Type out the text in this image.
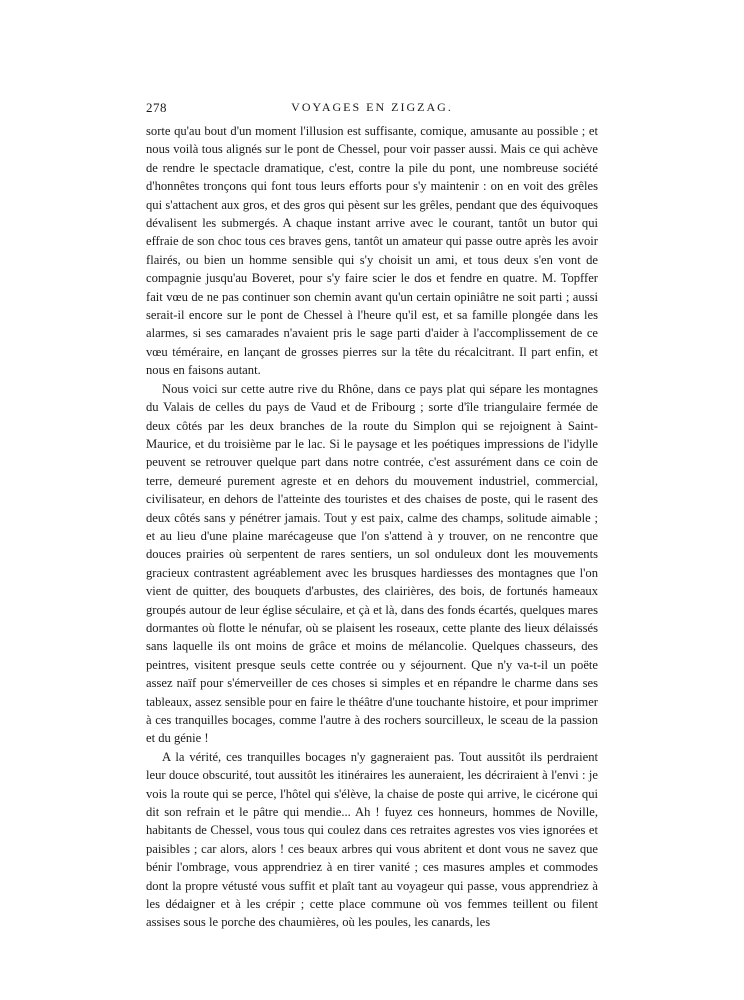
278	VOYAGES EN ZIGZAG.

sorte qu'au bout d'un moment l'illusion est suffisante, comique, amusante au possible ; et nous voilà tous alignés sur le pont de Chessel, pour voir passer aussi. Mais ce qui achève de rendre le spectacle dramatique, c'est, contre la pile du pont, une nombreuse société d'honnêtes tronçons qui font tous leurs efforts pour s'y maintenir : on en voit des grêles qui s'attachent aux gros, et des gros qui pèsent sur les grêles, pendant que des équivoques dévalisent les submergés. A chaque instant arrive avec le courant, tantôt un butor qui effraie de son choc tous ces braves gens, tantôt un amateur qui passe outre après les avoir flairés, ou bien un homme sensible qui s'y choisit un ami, et tous deux s'en vont de compagnie jusqu'au Boveret, pour s'y faire scier le dos et fendre en quatre. M. Topffer fait vœu de ne pas continuer son chemin avant qu'un certain opiniâtre ne soit parti ; aussi serait-il encore sur le pont de Chessel à l'heure qu'il est, et sa famille plongée dans les alarmes, si ses camarades n'avaient pris le sage parti d'aider à l'accomplissement de ce vœu téméraire, en lançant de grosses pierres sur la tête du récalcitrant. Il part enfin, et nous en faisons autant.

Nous voici sur cette autre rive du Rhône, dans ce pays plat qui sépare les montagnes du Valais de celles du pays de Vaud et de Fribourg ; sorte d'île triangulaire fermée de deux côtés par les deux branches de la route du Simplon qui se rejoignent à Saint-Maurice, et du troisième par le lac. Si le paysage et les poétiques impressions de l'idylle peuvent se retrouver quelque part dans notre contrée, c'est assurément dans ce coin de terre, demeuré purement agreste et en dehors du mouvement industriel, commercial, civilisateur, en dehors de l'atteinte des touristes et des chaises de poste, qui le rasent des deux côtés sans y pénétrer jamais. Tout y est paix, calme des champs, solitude aimable ; et au lieu d'une plaine marécageuse que l'on s'attend à y trouver, on ne rencontre que douces prairies où serpentent de rares sentiers, un sol onduleux dont les mouvements gracieux contrastent agréablement avec les brusques hardiesses des montagnes que l'on vient de quitter, des bouquets d'arbustes, des clairières, des bois, de fortunés hameaux groupés autour de leur église séculaire, et çà et là, dans des fonds écartés, quelques mares dormantes où flotte le nénufar, où se plaisent les roseaux, cette plante des lieux délaissés sans laquelle ils ont moins de grâce et moins de mélancolie. Quelques chasseurs, des peintres, visitent presque seuls cette contrée ou y séjournent. Que n'y va-t-il un poëte assez naïf pour s'émerveiller de ces choses si simples et en répandre le charme dans ses tableaux, assez sensible pour en faire le théâtre d'une touchante histoire, et pour imprimer à ces tranquilles bocages, comme l'autre à des rochers sourcilleux, le sceau de la passion et du génie !

A la vérité, ces tranquilles bocages n'y gagneraient pas. Tout aussitôt ils perdraient leur douce obscurité, tout aussitôt les itinéraires les auneraient, les décriraient à l'envi : je vois la route qui se perce, l'hôtel qui s'élève, la chaise de poste qui arrive, le cicérone qui dit son refrain et le pâtre qui mendie... Ah ! fuyez ces honneurs, hommes de Noville, habitants de Chessel, vous tous qui coulez dans ces retraites agrestes vos vies ignorées et paisibles ; car alors, alors ! ces beaux arbres qui vous abritent et dont vous ne savez que bénir l'ombrage, vous apprendriez à en tirer vanité ; ces masures amples et commodes dont la propre vétusté vous suffit et plaît tant au voyageur qui passe, vous apprendriez à les dédaigner et à les crépir ; cette place commune où vos femmes teillent ou filent assises sous le porche des chaumières, où les poules, les canards, les
